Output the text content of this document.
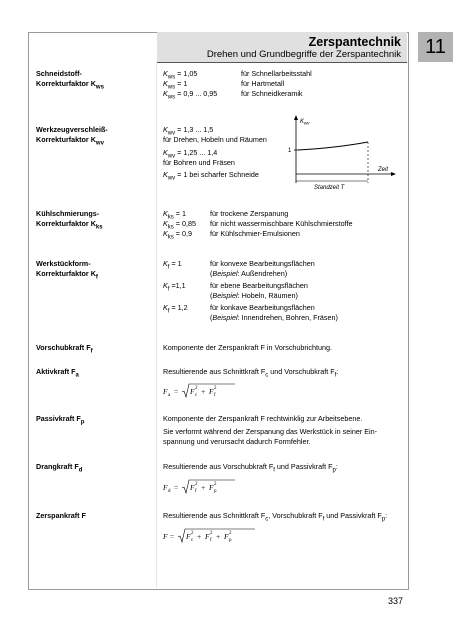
Zerspantechnik
Drehen und Grundbegriffe der Zerspantechnik 11
Schneidstoff-
Korrekturfaktor $K_{ws}$
$K_{ws} = 1,05$	für Schnellarbeitsstahl
$K_{ws} = 1$	für Hartmetall
$K_{ws} = 0,9$ ... 0,95	für Schneidkeramik
Werkzeugverschleiß-
Korrekturfaktor $K_{wv}$
$K_{wv} = 1,3$ ... 1,5
für Drehen, Hobeln und Räumen
$K_{wv} = 1,25$ ... 1,4
für Bohren und Fräsen
$K_{wv} = 1$ bei scharfer Schneide
$K_{wv}$
1
Zeit
Standzeit T
Kühlschmierungs-
Korrekturfaktor $K_{ks}$
$K_{ks} = 1$	für trockene Zerspanung
$K_{ks} = 0,85$ für nicht wassermischbare Kühlschmierstoffe
$K_{ks} = 0,9$	für Kühlschmier-Emulsionen
Werkstückform-
Korrekturfaktor $K_f$
$K_f = 1$	für konvexe Bearbeitungsflächen
(Beispiel: Außendrehen)
$K_f =1,1$	für ebene Bearbeitungsflächen
(Beispiel: Hobeln, Räumen)
$K_f = 1,2$	für konkave Bearbeitungsflächen
(Beispiel: Innendrehen, Bohren, Fräsen)
Vorschubkraft $F_f$	Komponente der Zerspankraft F in Vorschubrichtung.
Aktivkraft $F_a$	Resultierende aus Schnittkraft $F_c$ und Vorschubkraft $F_f$:
F a = F c
2 + F f
2
Passivkraft $F_p$	Komponente der Zerspankraft F rechtwinklig zur Arbeitsebene.
Sie verformt während der Zerspanung das Werkstück in seiner Ein-
spannung und verursacht dadurch Formfehler.
Drangkraft $F_d$	Resultierende aus Vorschubkraft $F_f$ und Passivkraft $F_p$:
F d = F f
2 + F p
2
Zerspankraft F	Resultierende aus Schnittkraft $F_c$, Vorschubkraft $F_f$ und Passivkraft $F_p$:
F = F c
2 + F f
2 + F p
2
337
